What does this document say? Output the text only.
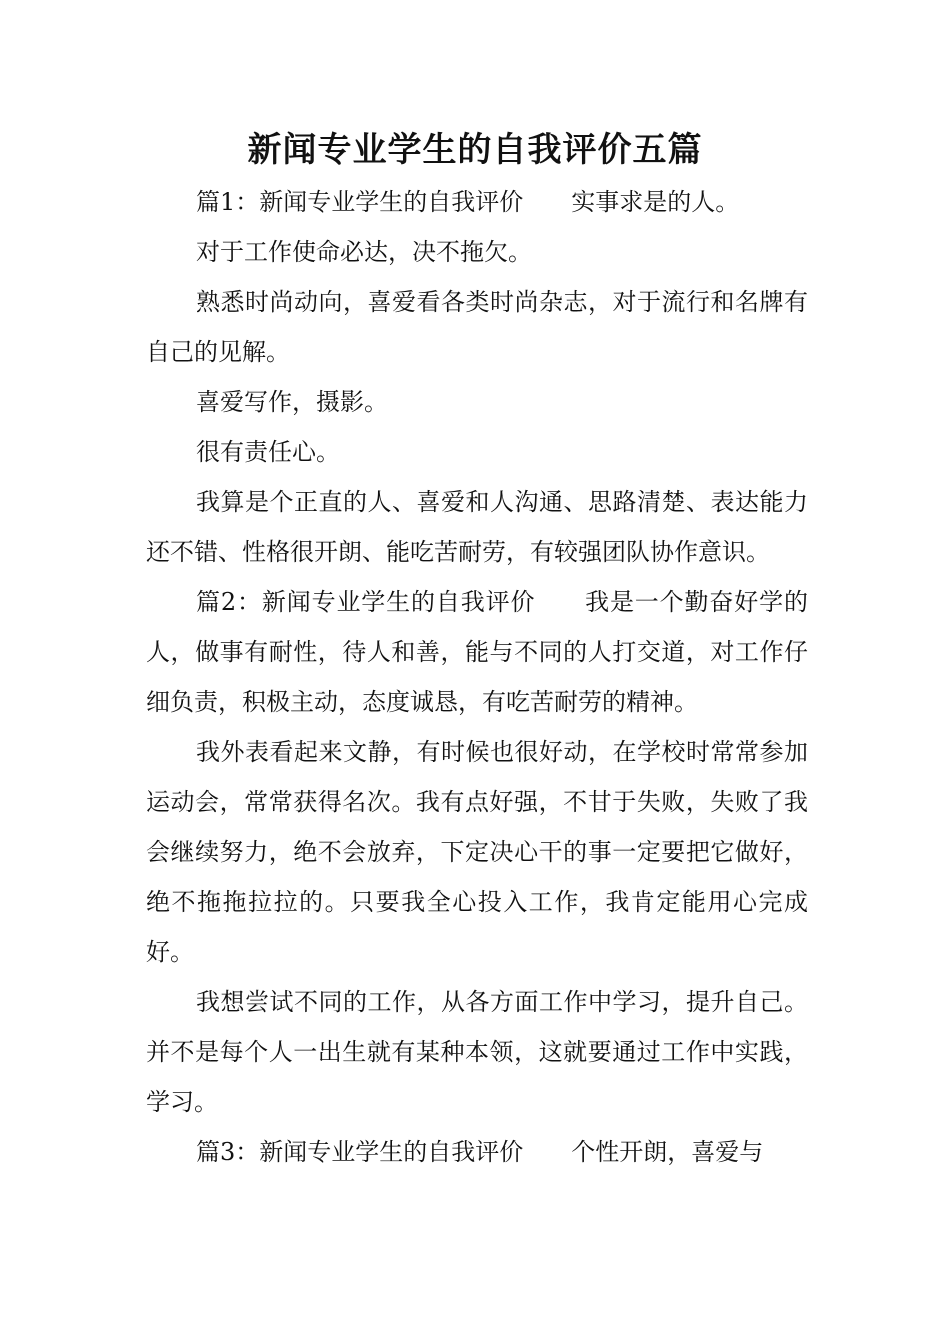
新闻专业学生的自我评价五篇

篇1：新闻专业学生的自我评价　　实事求是的人。

对于工作使命必达，决不拖欠。

熟悉时尚动向，喜爱看各类时尚杂志，对于流行和名牌有自己的见解。

喜爱写作，摄影。

很有责任心。

我算是个正直的人、喜爱和人沟通、思路清楚、表达能力还不错、性格很开朗、能吃苦耐劳，有较强团队协作意识。

篇2：新闻专业学生的自我评价　　我是一个勤奋好学的人，做事有耐性，待人和善，能与不同的人打交道，对工作仔细负责，积极主动，态度诚恳，有吃苦耐劳的精神。

我外表看起来文静，有时候也很好动，在学校时常常参加运动会，常常获得名次。我有点好强，不甘于失败，失败了我会继续努力，绝不会放弃，下定决心干的事一定要把它做好，绝不拖拖拉拉的。只要我全心投入工作，我肯定能用心完成好。

我想尝试不同的工作，从各方面工作中学习，提升自己。并不是每个人一出生就有某种本领，这就要通过工作中实践，学习。

篇3：新闻专业学生的自我评价　　个性开朗，喜爱与
